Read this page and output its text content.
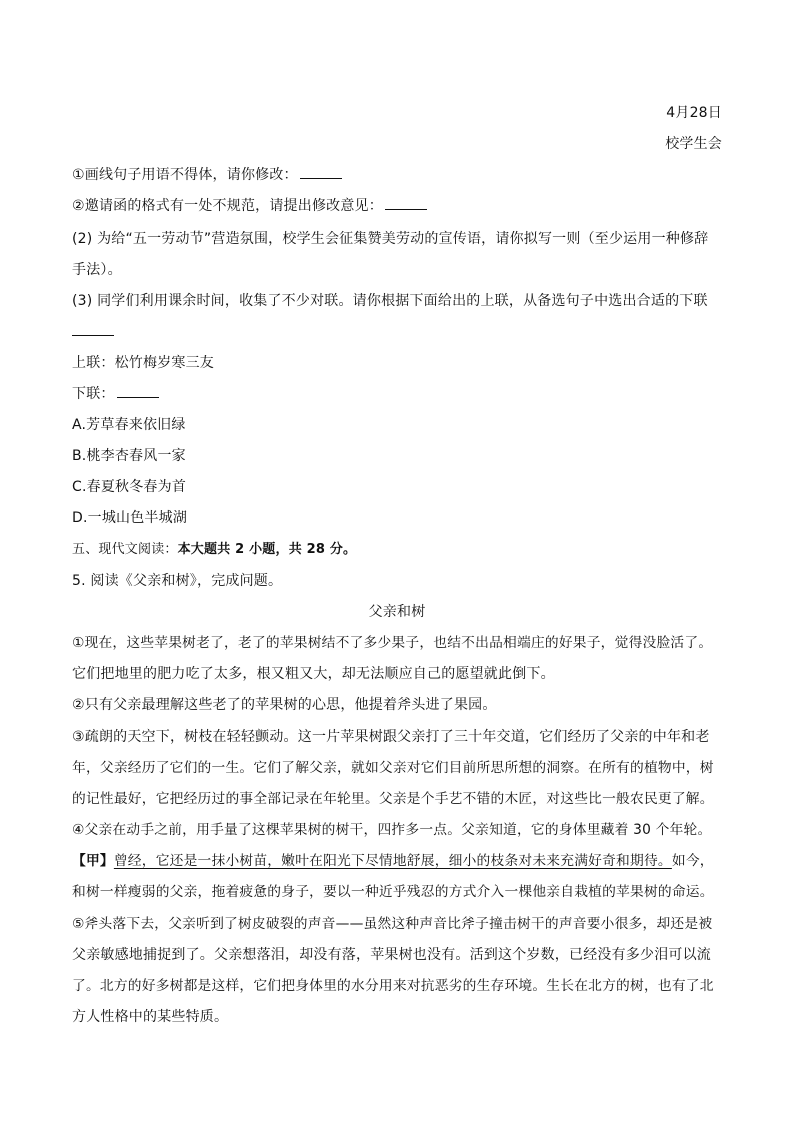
4月28日
校学生会
①画线句子用语不得体，请你修改：
②邀请函的格式有一处不规范，请提出修改意见：
(2) 为给“五一劳动节”营造氛围，校学生会征集赞美劳动的宣传语，请你拟写一则（至少运用一种修辞
手法）。
(3) 同学们利用课余时间，收集了不少对联。请你根据下面给出的上联，从备选句子中选出合适的下联
上联：松竹梅岁寒三友
下联：
A.芳草春来依旧绿
B.桃李杏春风一家
C.春夏秋冬春为首
D.一城山色半城湖
五、现代文阅读：本大题共 2 小题，共 28 分。
5. 阅读《父亲和树》，完成问题。
父亲和树
①现在，这些苹果树老了，老了的苹果树结不了多少果子，也结不出品相端庄的好果子，觉得没脸活了。
它们把地里的肥力吃了太多，根又粗又大，却无法顺应自己的愿望就此倒下。
②只有父亲最理解这些老了的苹果树的心思，他提着斧头进了果园。
③疏朗的天空下，树枝在轻轻颤动。这一片苹果树跟父亲打了三十年交道，它们经历了父亲的中年和老
年，父亲经历了它们的一生。它们了解父亲，就如父亲对它们目前所思所想的洞察。在所有的植物中，树
的记性最好，它把经历过的事全部记录在年轮里。父亲是个手艺不错的木匠，对这些比一般农民更了解。
④父亲在动手之前，用手量了这棵苹果树的树干，四拃多一点。父亲知道，它的身体里藏着 30 个年轮。
【甲】曾经，它还是一抹小树苗，嫩叶在阳光下尽情地舒展，细小的枝条对未来充满好奇和期待。如今，
和树一样瘦弱的父亲，拖着疲惫的身子，要以一种近乎残忍的方式介入一棵他亲自栽植的苹果树的命运。
⑤斧头落下去，父亲听到了树皮破裂的声音——虽然这种声音比斧子撞击树干的声音要小很多，却还是被
父亲敏感地捕捉到了。父亲想落泪，却没有落，苹果树也没有。活到这个岁数，已经没有多少泪可以流
了。北方的好多树都是这样，它们把身体里的水分用来对抗恶劣的生存环境。生长在北方的树，也有了北
方人性格中的某些特质。
